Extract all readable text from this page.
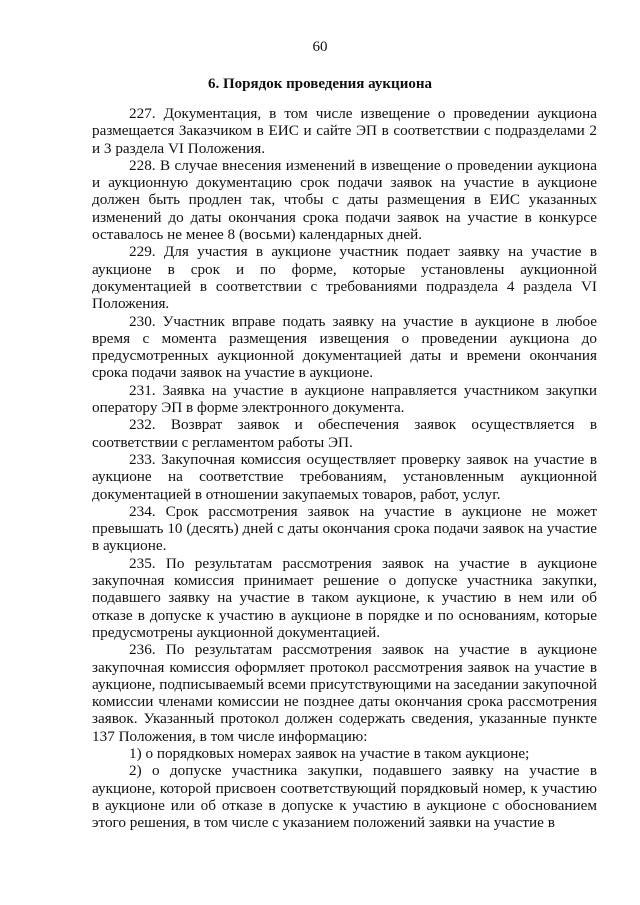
60
6. Порядок проведения аукциона

227. Документация, в том числе извещение о проведении аукциона размещается Заказчиком в ЕИС и сайте ЭП в соответствии с подразделами 2 и 3 раздела VI Положения.

228. В случае внесения изменений в извещение о проведении аукциона и аукционную документацию срок подачи заявок на участие в аукционе должен быть продлен так, чтобы с даты размещения в ЕИС указанных изменений до даты окончания срока подачи заявок на участие в конкурсе оставалось не менее 8 (восьми) календарных дней.

229. Для участия в аукционе участник подает заявку на участие в аукционе в срок и по форме, которые установлены аукционной документацией в соответствии с требованиями подраздела 4 раздела VI Положения.

230. Участник вправе подать заявку на участие в аукционе в любое время с момента размещения извещения о проведении аукциона до предусмотренных аукционной документацией даты и времени окончания срока подачи заявок на участие в аукционе.

231. Заявка на участие в аукционе направляется участником закупки оператору ЭП в форме электронного документа.

232. Возврат заявок и обеспечения заявок осуществляется в соответствии с регламентом работы ЭП.

233. Закупочная комиссия осуществляет проверку заявок на участие в аукционе на соответствие требованиям, установленным аукционной документацией в отношении закупаемых товаров, работ, услуг.

234. Срок рассмотрения заявок на участие в аукционе не может превышать 10 (десять) дней с даты окончания срока подачи заявок на участие в аукционе.

235. По результатам рассмотрения заявок на участие в аукционе закупочная комиссия принимает решение о допуске участника закупки, подавшего заявку на участие в таком аукционе, к участию в нем или об отказе в допуске к участию в аукционе в порядке и по основаниям, которые предусмотрены аукционной документацией.

236. По результатам рассмотрения заявок на участие в аукционе закупочная комиссия оформляет протокол рассмотрения заявок на участие в аукционе, подписываемый всеми присутствующими на заседании закупочной комиссии членами комиссии не позднее даты окончания срока рассмотрения заявок. Указанный протокол должен содержать сведения, указанные пункте 137 Положения, в том числе информацию:

1) о порядковых номерах заявок на участие в таком аукционе;

2) о допуске участника закупки, подавшего заявку на участие в аукционе, которой присвоен соответствующий порядковый номер, к участию в аукционе или об отказе в допуске к участию в аукционе с обоснованием этого решения, в том числе с указанием положений заявки на участие в
